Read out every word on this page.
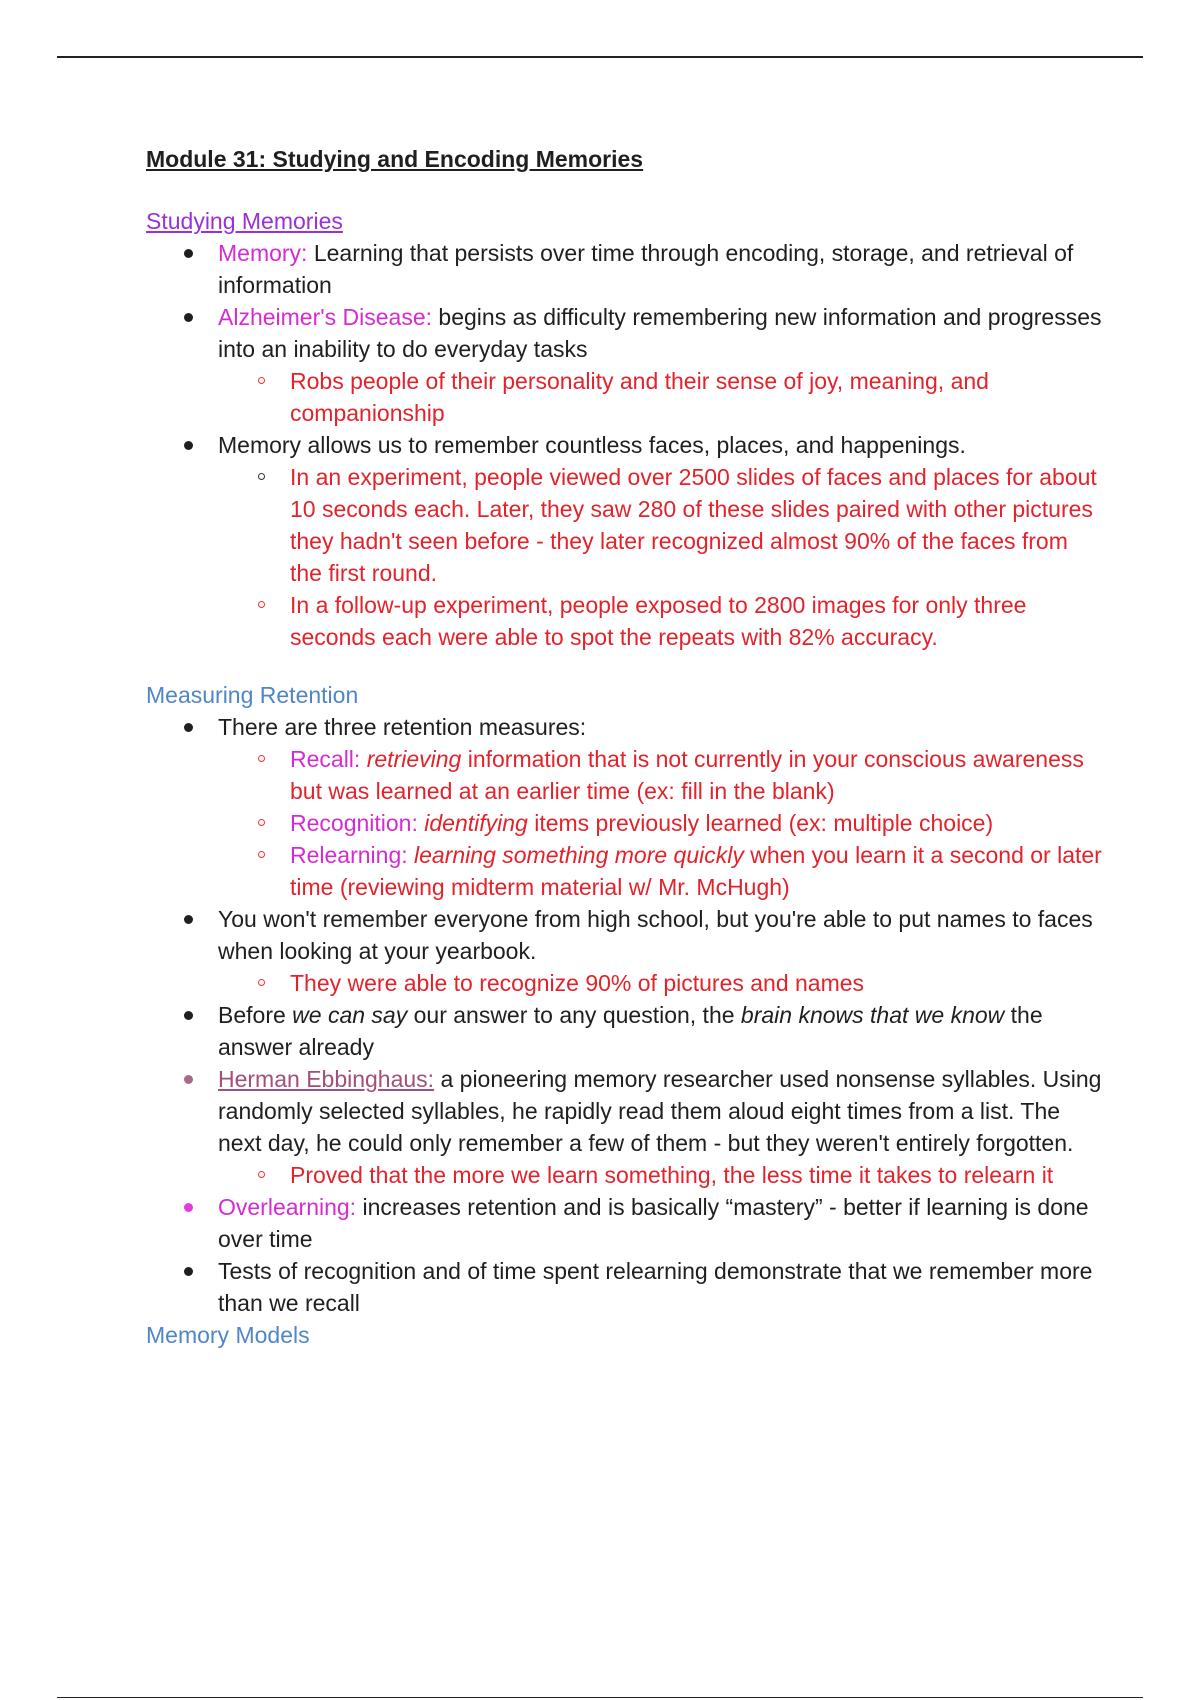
Module 31: Studying and Encoding Memories
Studying Memories
Memory: Learning that persists over time through encoding, storage, and retrieval of information
Alzheimer's Disease: begins as difficulty remembering new information and progresses into an inability to do everyday tasks
Robs people of their personality and their sense of joy, meaning, and companionship
Memory allows us to remember countless faces, places, and happenings.
In an experiment, people viewed over 2500 slides of faces and places for about 10 seconds each. Later, they saw 280 of these slides paired with other pictures they hadn't seen before - they later recognized almost 90% of the faces from the first round.
In a follow-up experiment, people exposed to 2800 images for only three seconds each were able to spot the repeats with 82% accuracy.
Measuring Retention
There are three retention measures:
Recall: retrieving information that is not currently in your conscious awareness but was learned at an earlier time (ex: fill in the blank)
Recognition: identifying items previously learned (ex: multiple choice)
Relearning: learning something more quickly when you learn it a second or later time (reviewing midterm material w/ Mr. McHugh)
You won't remember everyone from high school, but you're able to put names to faces when looking at your yearbook.
They were able to recognize 90% of pictures and names
Before we can say our answer to any question, the brain knows that we know the answer already
Herman Ebbinghaus: a pioneering memory researcher used nonsense syllables. Using randomly selected syllables, he rapidly read them aloud eight times from a list. The next day, he could only remember a few of them - but they weren't entirely forgotten.
Proved that the more we learn something, the less time it takes to relearn it
Overlearning: increases retention and is basically “mastery” - better if learning is done over time
Tests of recognition and of time spent relearning demonstrate that we remember more than we recall
Memory Models
